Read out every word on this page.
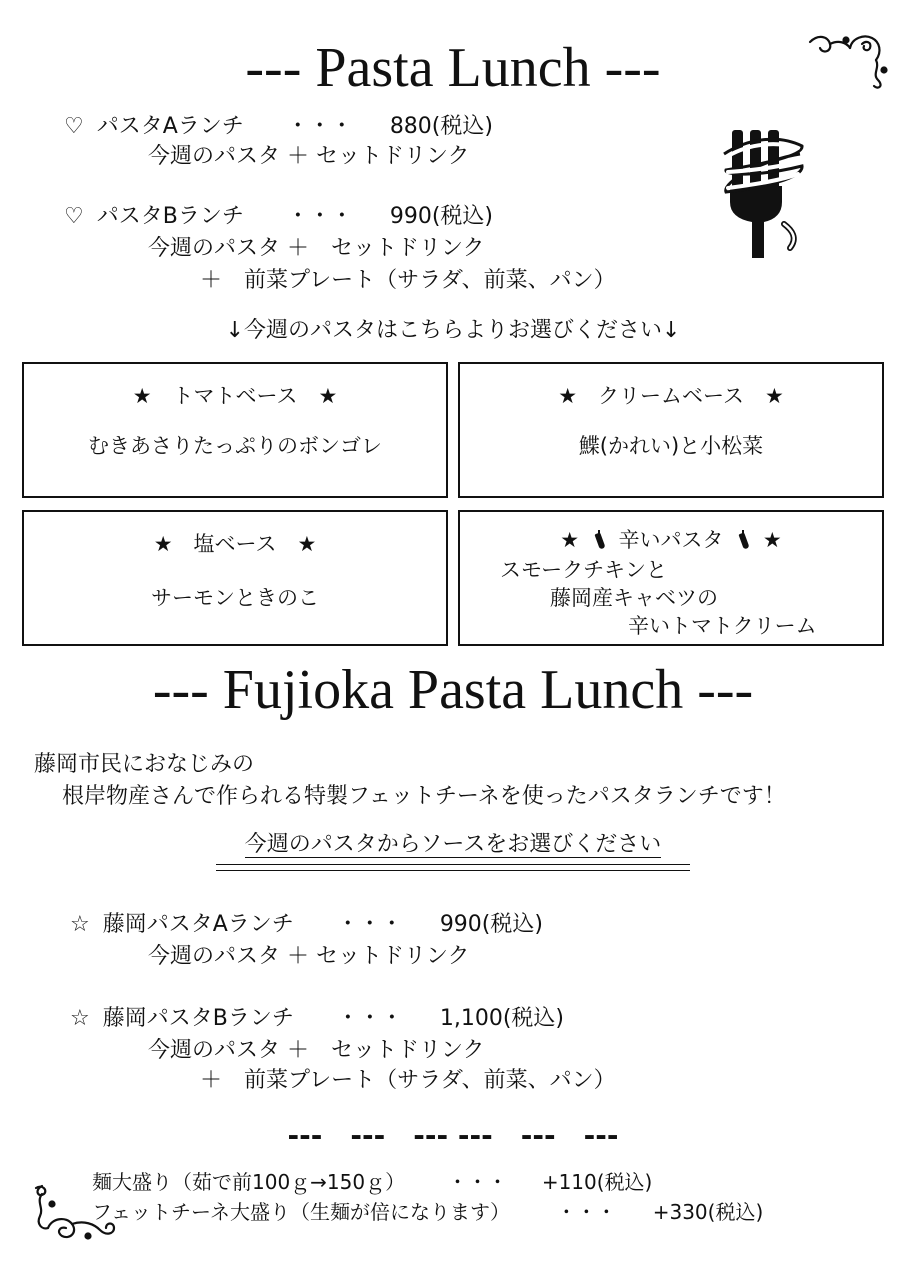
--- Pasta Lunch ---
♡ パスタAランチ ・・・ 880(税込)
今週のパスタ ＋ セットドリンク
♡ パスタBランチ ・・・ 990(税込)
今週のパスタ ＋　セットドリンク
＋　前菜プレート（サラダ、前菜、パン）
↓今週のパスタはこちらよりお選びください↓
★　トマトベース　★
むきあさりたっぷりのボンゴレ
★　クリームベース　★
鰈(かれい)と小松菜
★　塩ベース　★
サーモンときのこ
★ 辛いパスタ ★
スモークチキンと
藤岡産キャベツの
辛いトマトクリーム
--- Fujioka Pasta Lunch ---
藤岡市民におなじみの
根岸物産さんで作られる特製フェットチーネを使ったパスタランチです！
今週のパスタからソースをお選びください
☆ 藤岡パスタAランチ ・・・ 990(税込)
今週のパスタ ＋ セットドリンク
☆ 藤岡パスタBランチ ・・・ 1,100(税込)
今週のパスタ ＋　セットドリンク
＋　前菜プレート（サラダ、前菜、パン）
---　---　--- ---　---　---
麺大盛り（茹で前100ｇ→150ｇ） ・・・ +110(税込)
フェットチーネ大盛り（生麺が倍になります） ・・・ +330(税込)
